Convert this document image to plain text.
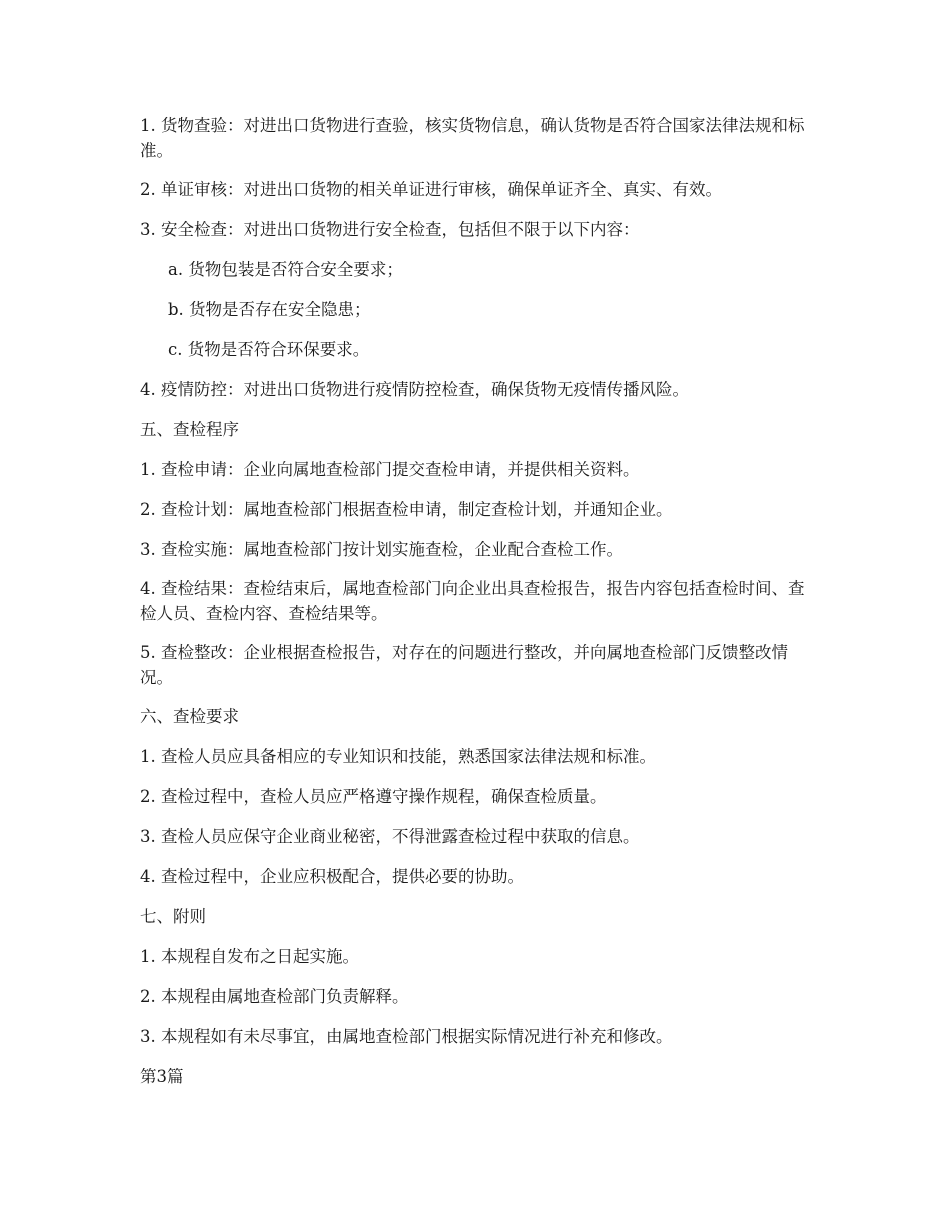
1. 货物查验：对进出口货物进行查验，核实货物信息，确认货物是否符合国家法律法规和标准。

2. 单证审核：对进出口货物的相关单证进行审核，确保单证齐全、真实、有效。

3. 安全检查：对进出口货物进行安全检查，包括但不限于以下内容：

a. 货物包装是否符合安全要求；

b. 货物是否存在安全隐患；

c. 货物是否符合环保要求。

4. 疫情防控：对进出口货物进行疫情防控检查，确保货物无疫情传播风险。

五、查检程序

1. 查检申请：企业向属地查检部门提交查检申请，并提供相关资料。

2. 查检计划：属地查检部门根据查检申请，制定查检计划，并通知企业。

3. 查检实施：属地查检部门按计划实施查检，企业配合查检工作。

4. 查检结果：查检结束后，属地查检部门向企业出具查检报告，报告内容包括查检时间、查检人员、查检内容、查检结果等。

5. 查检整改：企业根据查检报告，对存在的问题进行整改，并向属地查检部门反馈整改情况。

六、查检要求

1. 查检人员应具备相应的专业知识和技能，熟悉国家法律法规和标准。

2. 查检过程中，查检人员应严格遵守操作规程，确保查检质量。

3. 查检人员应保守企业商业秘密，不得泄露查检过程中获取的信息。

4. 查检过程中，企业应积极配合，提供必要的协助。

七、附则

1. 本规程自发布之日起实施。

2. 本规程由属地查检部门负责解释。

3. 本规程如有未尽事宜，由属地查检部门根据实际情况进行补充和修改。

第3篇
